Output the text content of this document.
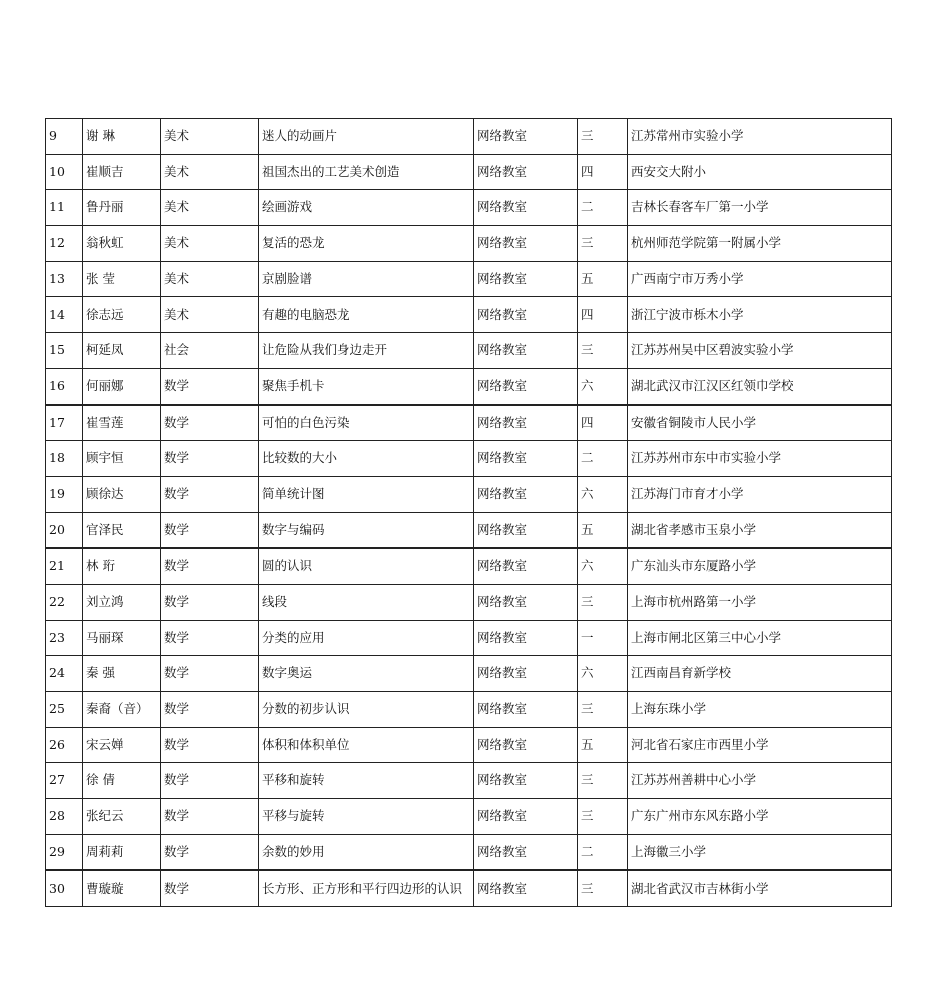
9	谢 琳	美术	迷人的动画片	网络教室	三	江苏常州市实验小学
10	崔顺吉	美术	祖国杰出的工艺美术创造	网络教室	四	西安交大附小
11	鲁丹丽	美术	绘画游戏	网络教室	二	吉林长春客车厂第一小学
12	翁秋虹	美术	复活的恐龙	网络教室	三	杭州师范学院第一附属小学
13	张 莹	美术	京剧脸谱	网络教室	五	广西南宁市万秀小学
14	徐志远	美术	有趣的电脑恐龙	网络教室	四	浙江宁波市栎木小学
15	柯延凤	社会	让危险从我们身边走开	网络教室	三	江苏苏州吴中区碧波实验小学
16	何丽娜	数学	聚焦手机卡	网络教室	六	湖北武汉市江汉区红领巾学校
17	崔雪莲	数学	可怕的白色污染	网络教室	四	安徽省铜陵市人民小学
18	顾宇恒	数学	比较数的大小	网络教室	二	江苏苏州市东中市实验小学
19	顾徐达	数学	简单统计图	网络教室	六	江苏海门市育才小学
20	官泽民	数学	数字与编码	网络教室	五	湖北省孝感市玉泉小学
21	林 珩	数学	圆的认识	网络教室	六	广东汕头市东厦路小学
22	刘立鸿	数学	线段	网络教室	三	上海市杭州路第一小学
23	马丽琛	数学	分类的应用	网络教室	一	上海市闸北区第三中心小学
24	秦 强	数学	数字奥运	网络教室	六	江西南昌育新学校
25	秦裔（音）	数学	分数的初步认识	网络教室	三	上海东珠小学
26	宋云婵	数学	体积和体积单位	网络教室	五	河北省石家庄市西里小学
27	徐 倩	数学	平移和旋转	网络教室	三	江苏苏州善耕中心小学
28	张纪云	数学	平移与旋转	网络教室	三	广东广州市东风东路小学
29	周莉莉	数学	余数的妙用	网络教室	二	上海徽三小学
30	曹璇璇	数学	长方形、正方形和平行四边形的认识	网络教室	三	湖北省武汉市吉林街小学
